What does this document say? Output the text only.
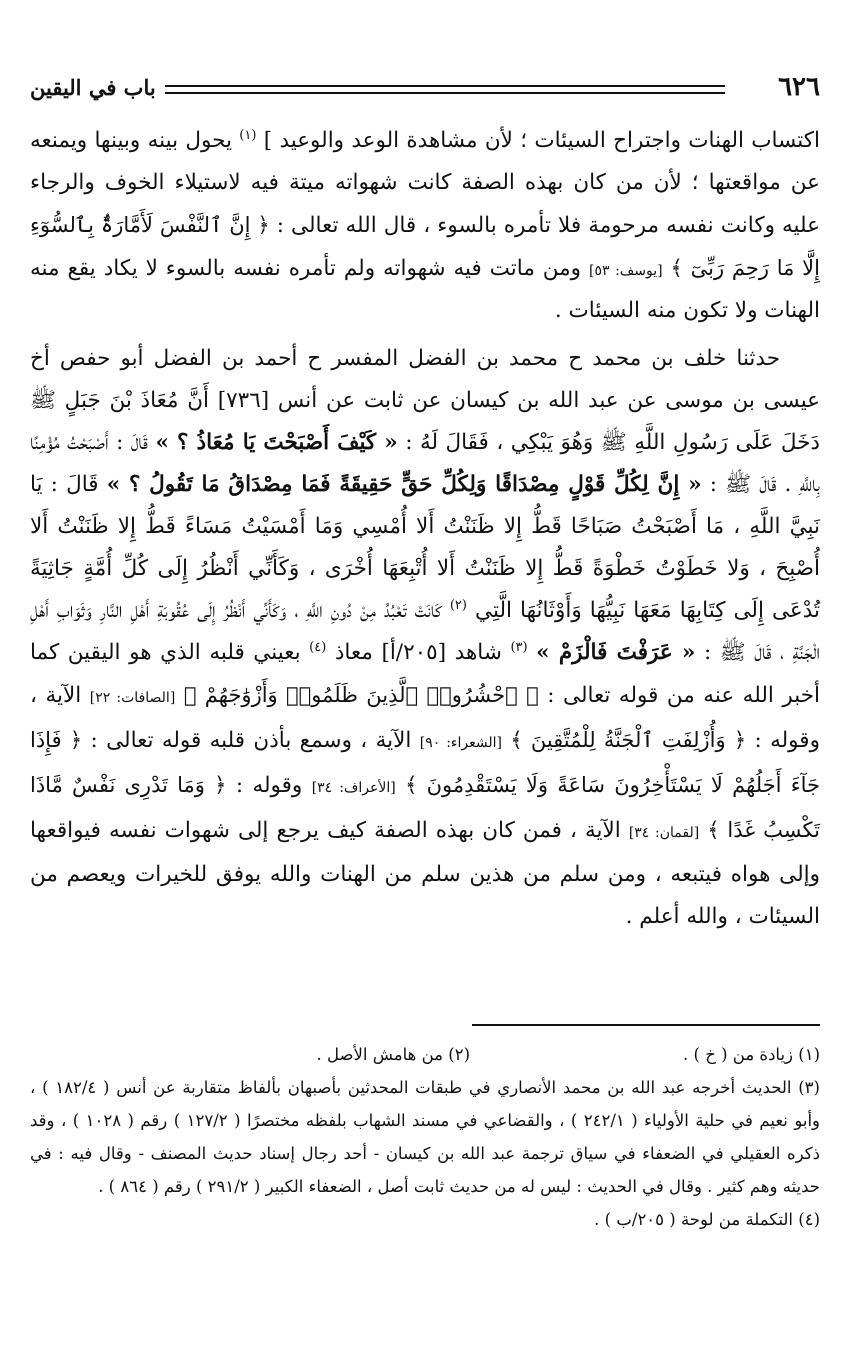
٦٢٦
باب في اليقين

اكتساب الهنات واجتراح السيئات ؛ لأن مشاهدة الوعد والوعيد ] $^{(١)}$ يحول بينه وبينها ويمنعه عن مواقعتها ؛ لأن من كان بهذه الصفة كانت شهواته ميتة فيه لاستيلاء الخوف والرجاء عليه وكانت نفسه مرحومة فلا تأمره بالسوء ، قال الله تعالى : ﴿ إِنَّ ٱلنَّفْسَ لَأَمَّارَةٌۢ بِٱلسُّوٓءِ إِلَّا مَا رَحِمَ رَبِّىٓ ﴾ [يوسف: ٥٣] ومن ماتت فيه شهواته ولم تأمره نفسه بالسوء لا يكاد يقع منه الهنات ولا تكون منه السيئات .

حدثنا خلف بن محمد ح محمد بن الفضل المفسر ح أحمد بن الفضل أبو حفص أخ عيسى بن موسى عن عبد الله بن كيسان عن ثابت عن أنس [٧٣٦] أَنَّ مُعَاذَ بْنَ جَبَلٍ ﷺ دَخَلَ عَلَى رَسُولِ اللَّهِ ﷺ وَهُوَ يَبْكِي ، فَقَالَ لَهُ : « كَيْفَ أَصْبَحْتَ يَا مُعَاذُ ؟ » قَالَ : أَصْبَحْتُ مُؤْمِنًا بِاللَّهِ . قَالَ ﷺ : « إِنَّ لِكُلِّ قَوْلٍ مِصْدَاقًا وَلِكُلِّ حَقٍّ حَقِيقَةً فَمَا مِصْدَاقُ مَا تَقُولُ ؟ » قَالَ : يَا نَبِيَّ اللَّهِ ، مَا أَصْبَحْتُ صَبَاحًا قَطُّ إِلا ظَنَنْتُ أَلا أُمْسِي وَمَا أَمْسَيْتُ مَسَاءً قَطُّ إِلا ظَنَنْتُ أَلا أُصْبِحَ ، وَلا خَطَوْتُ خَطْوَةً قَطُّ إِلا ظَنَنْتُ أَلا أُتْبِعَهَا أُخْرَى ، وَكَأَنِّي أَنْظُرُ إِلَى كُلِّ أُمَّةٍ جَاثِيَةً تُدْعَى إِلَى كِتَابِهَا مَعَهَا نَبِيُّهَا وَأَوْثَانُهَا الَّتِي $^{(٢)}$ كَانَتْ تَعْبُدُ مِنْ دُونِ اللَّهِ ، وَكَأَنِّي أَنْظُرُ إِلَى عُقُوبَةِ أَهْلِ النَّارِ وَثَوَابِ أَهْلِ الْجَنَّةِ ، قَالَ ﷺ : « عَرَفْتَ فَالْزَمْ » $^{(٣)}$ شاهد [٢٠٥/أ] معاذ $^{(٤)}$ بعيني قلبه الذي هو اليقين كما أخبر الله عنه من قوله تعالى : ﴿ ٱحْشُرُوا۟ ٱلَّذِينَ ظَلَمُوا۟ وَأَزْوَٰجَهُمْ ﴾ [الصافات: ٢٢] الآية ، وقوله : ﴿ وَأُزْلِفَتِ ٱلْجَنَّةُ لِلْمُتَّقِينَ ﴾ [الشعراء: ٩٠] الآية ، وسمع بأذن قلبه قوله تعالى : ﴿ فَإِذَا جَآءَ أَجَلُهُمْ لَا يَسْتَأْخِرُونَ سَاعَةً وَلَا يَسْتَقْدِمُونَ ﴾ [الأعراف: ٣٤] وقوله : ﴿ وَمَا تَدْرِى نَفْسٌ مَّاذَا تَكْسِبُ غَدًا ﴾ [لقمان: ٣٤] الآية ، فمن كان بهذه الصفة كيف يرجع إلى شهوات نفسه فيواقعها وإلى هواه فيتبعه ، ومن سلم من هذين سلم من الهنات والله يوفق للخيرات ويعصم من السيئات ، والله أعلم .

(١) زيادة من ( خ ) .
(٢) من هامش الأصل .

(٣) الحديث أخرجه عبد الله بن محمد الأنصاري في طبقات المحدثين بأصبهان بألفاظ متقاربة عن أنس ( ١٨٢/٤ ) ، وأبو نعيم في حلية الأولياء ( ٢٤٢/١ ) ، والقضاعي في مسند الشهاب بلفظه مختصرًا ( ١٢٧/٢ ) رقم ( ١٠٢٨ ) ، وقد ذكره العقيلي في الضعفاء في سياق ترجمة عبد الله بن كيسان - أحد رجال إسناد حديث المصنف - وقال فيه : في حديثه وهم كثير . وقال في الحديث : ليس له من حديث ثابت أصل ، الضعفاء الكبير ( ٢٩١/٢ ) رقم ( ٨٦٤ ) .

(٤) التكملة من لوحة ( ٢٠٥/ب ) .
